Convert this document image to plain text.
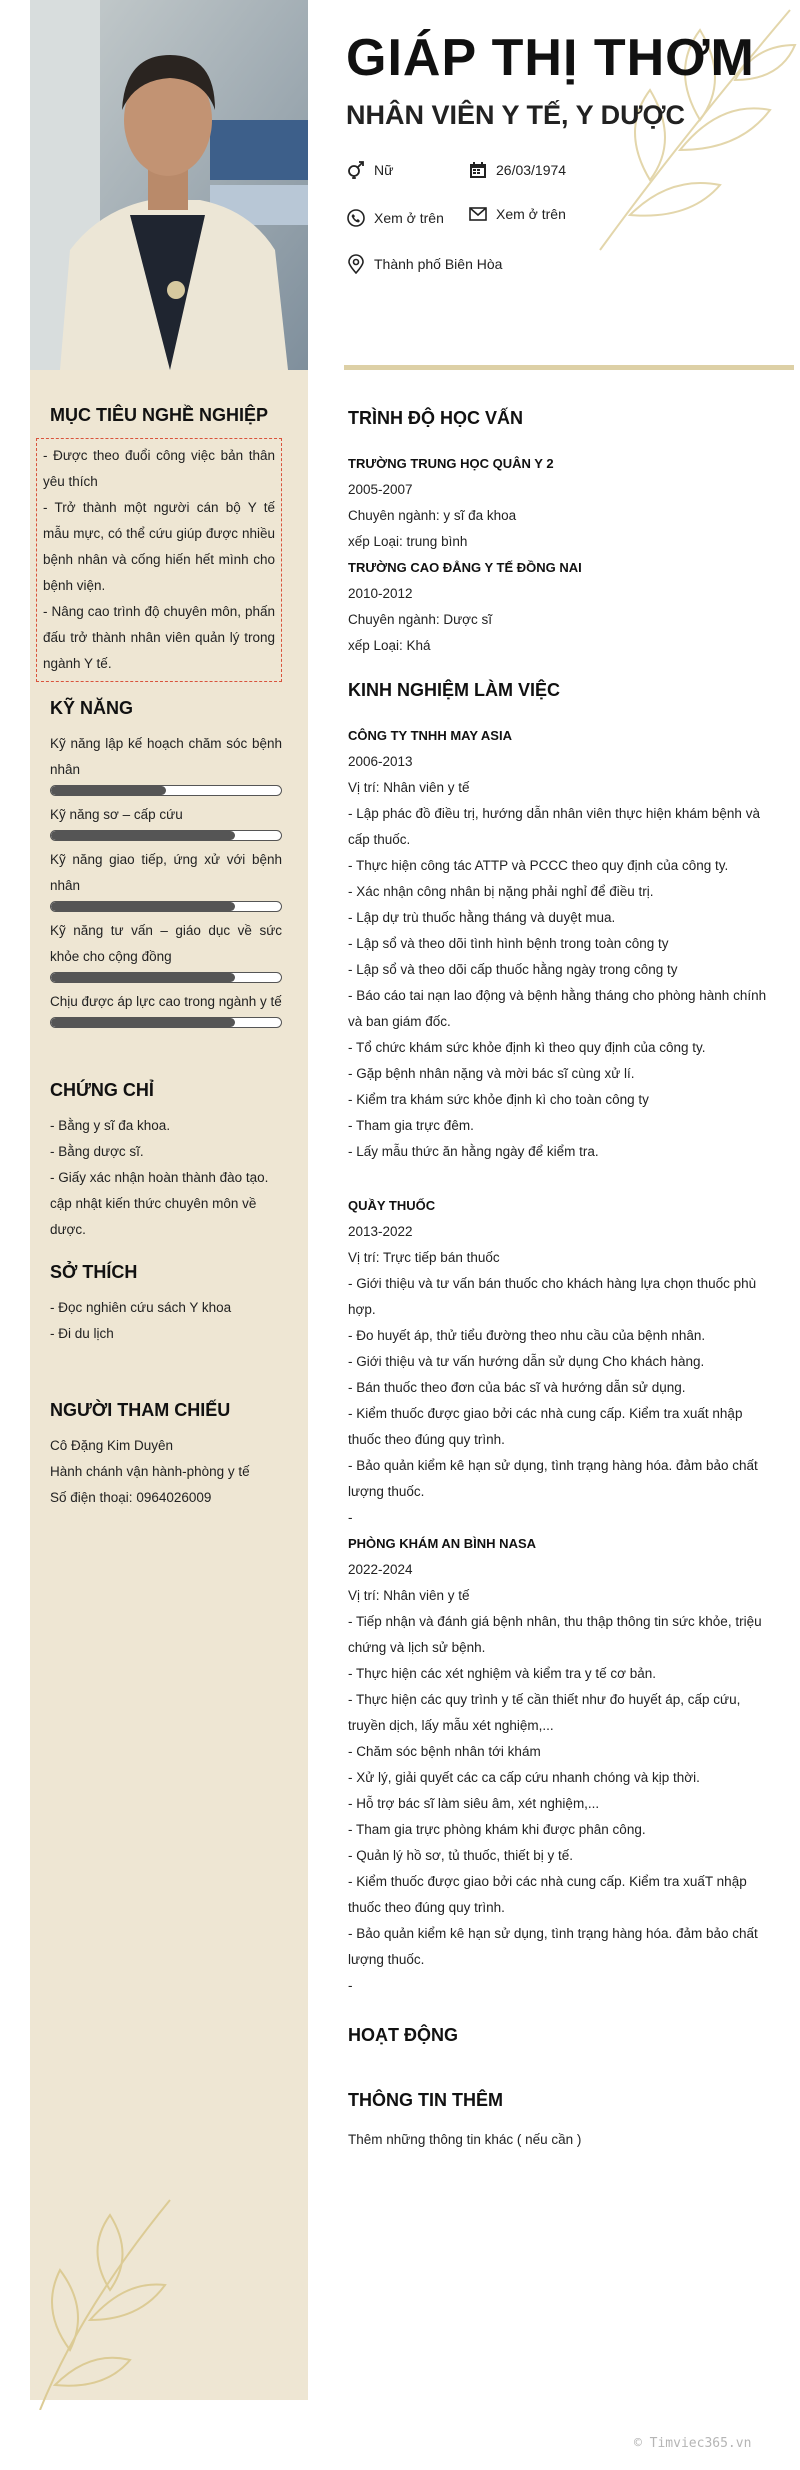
GIÁP THỊ THƠM
NHÂN VIÊN Y TẾ, Y DƯỢC
Nữ	26/03/1974
Xem ở trên	Xem ở trên
Thành phố Biên Hòa
MỤC TIÊU NGHỀ NGHIỆP

- Được theo đuổi công việc bản thân yêu thích

- Trở thành một người cán bộ Y tế mẫu mực, có thể cứu giúp được nhiều bệnh nhân và cống hiến hết mình cho bệnh viện.

- Nâng cao trình độ chuyên môn, phấn đấu trở thành nhân viên quản lý trong ngành Y tế.

KỸ NĂNG
Kỹ năng lập kế hoạch chăm sóc bệnh nhân
Kỹ năng sơ – cấp cứu
Kỹ năng giao tiếp, ứng xử với bệnh nhân
Kỹ năng tư vấn – giáo dục về sức khỏe cho cộng đồng
Chịu được áp lực cao trong ngành y tế
CHỨNG CHỈ

- Bằng y sĩ đa khoa.

- Bằng dược sĩ.

- Giấy xác nhận hoàn thành đào tạo. cập nhật kiến thức chuyên môn về dược.

SỞ THÍCH

- Đọc nghiên cứu sách Y khoa

- Đi du lịch

NGƯỜI THAM CHIẾU

Cô Đặng Kim Duyên

Hành chánh vận hành-phòng y tế

Số điện thoại: 0964026009

TRÌNH ĐỘ HỌC VẤN
TRƯỜNG TRUNG HỌC QUÂN Y 2
2005-2007
Chuyên ngành: y sĩ đa khoa
xếp Loại: trung bình
TRƯỜNG CAO ĐẲNG Y TẾ ĐỒNG NAI
2010-2012
Chuyên ngành: Dược sĩ
xếp Loại: Khá
KINH NGHIỆM LÀM VIỆC
CÔNG TY TNHH MAY ASIA
2006-2013
Vị trí: Nhân viên y tế
- Lập phác đồ điều trị, hướng dẫn nhân viên thực hiện khám bệnh và cấp thuốc.
- Thực hiện công tác ATTP và PCCC theo quy định của công ty.
- Xác nhận công nhân bị nặng phải nghỉ để điều trị.
- Lập dự trù thuốc hằng tháng và duyệt mua.
- Lập sổ và theo dõi tình hình bệnh trong toàn công ty
- Lập sổ và theo dõi cấp thuốc hằng ngày trong công ty
- Báo cáo tai nạn lao động và bệnh hằng tháng cho phòng hành chính và ban giám đốc.
- Tổ chức khám sức khỏe định kì theo quy định của công ty.
- Gặp bệnh nhân nặng và mời bác sĩ cùng xử lí.
- Kiểm tra khám sức khỏe định kì cho toàn công ty
- Tham gia trực đêm.
- Lấy mẫu thức ăn hằng ngày để kiểm tra.
QUẦY THUỐC
2013-2022
Vị trí: Trực tiếp bán thuốc
- Giới thiệu và tư vấn bán thuốc cho khách hàng lựa chọn thuốc phù hợp.
- Đo huyết áp, thử tiểu đường theo nhu cầu của bệnh nhân.
- Giới thiệu và tư vấn hướng dẫn sử dụng Cho khách hàng.
- Bán thuốc theo đơn của bác sĩ và hướng dẫn sử dụng.
- Kiểm thuốc được giao bởi các nhà cung cấp. Kiểm tra xuất nhập thuốc theo đúng quy trình.
- Bảo quản kiểm kê hạn sử dụng, tình trạng hàng hóa. đảm bảo chất lượng thuốc.
-
PHÒNG KHÁM AN BÌNH NASA
2022-2024
Vị trí: Nhân viên y tế
- Tiếp nhận và đánh giá bệnh nhân, thu thập thông tin sức khỏe, triệu chứng và lịch sử bệnh.
- Thực hiện các xét nghiệm và kiểm tra y tế cơ bản.
- Thực hiện các quy trình y tế cần thiết như đo huyết áp, cấp cứu, truyền dịch, lấy mẫu xét nghiệm,...
- Chăm sóc bệnh nhân tới khám
- Xử lý, giải quyết các ca cấp cứu nhanh chóng và kịp thời.
- Hỗ trợ bác sĩ làm siêu âm, xét nghiệm,...
- Tham gia trực phòng khám khi được phân công.
- Quản lý hồ sơ, tủ thuốc, thiết bị y tế.
- Kiểm thuốc được giao bởi các nhà cung cấp. Kiểm tra xuấT nhập thuốc theo đúng quy trình.
- Bảo quản kiểm kê hạn sử dụng, tình trạng hàng hóa. đảm bảo chất lượng thuốc.
-
HOẠT ĐỘNG
THÔNG TIN THÊM
Thêm những thông tin khác ( nếu cần )
© Timviec365.vn
